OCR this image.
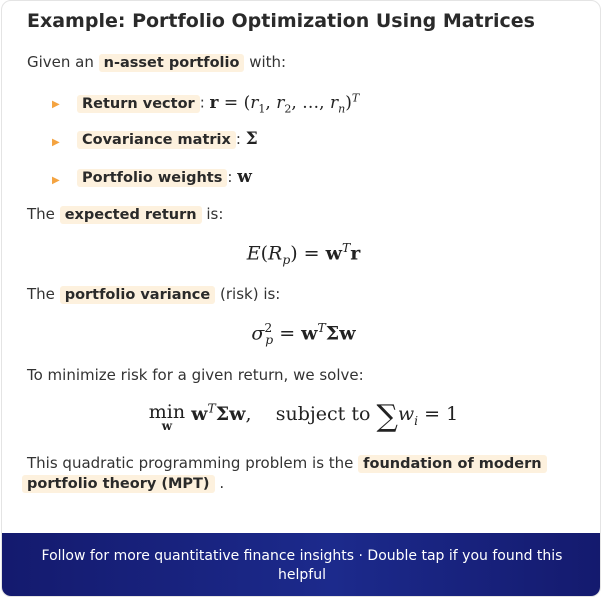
Example: Portfolio Optimization Using Matrices
Given an n-asset portfolio with:
▶	Return vector : $r = (r_1$, $r_2$, …, $r_n)^T$
▶	Covariance matrix : Σ
▶	Portfolio weights : w
The expected return is:
$E(R_p) = w^Tr$
The portfolio variance (risk) is:
$\sigma^2_p = w^T\Sigma w$
To minimize risk for a given return, we solve:
min
w
$w^T\Sigma w$,    subject to $\sum w_i = 1$
This quadratic programming problem is the foundation of modern
portfolio theory (MPT) .
Follow for more quantitative finance insights · Double tap if you found this helpful
